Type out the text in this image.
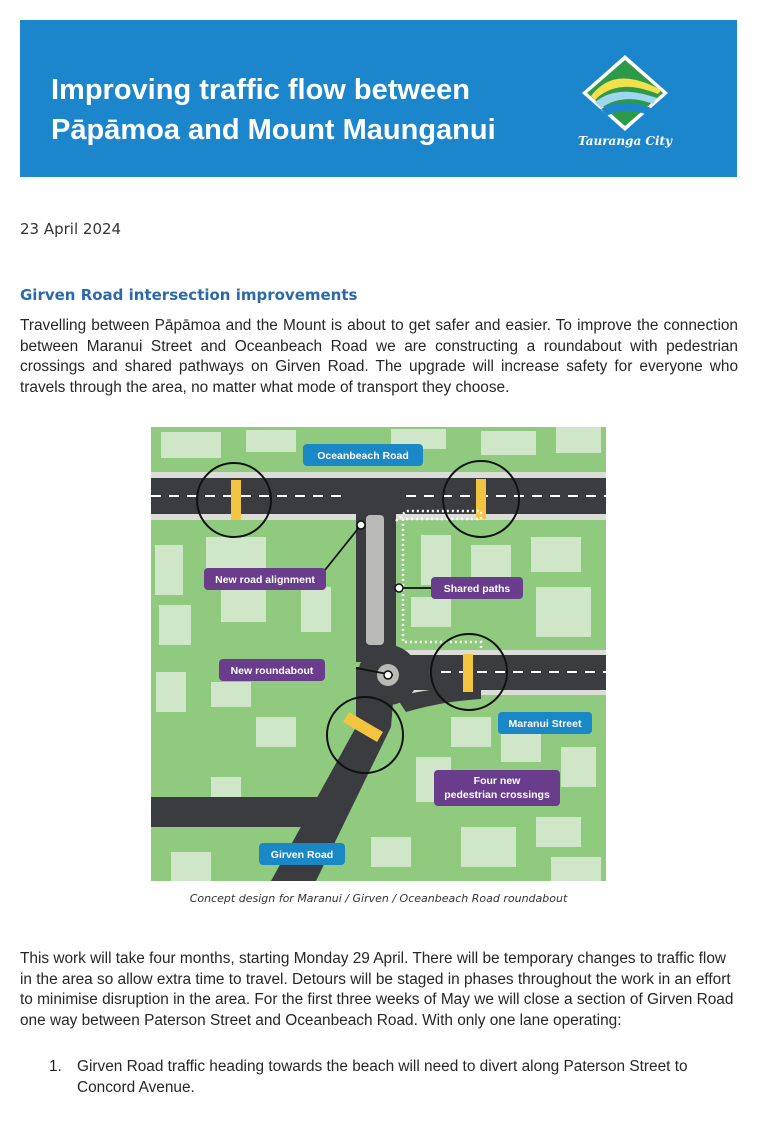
Improving traffic flow between
Pāpāmoa and Mount Maunganui	Tauranga City
23 April 2024
Girven Road intersection improvements

Travelling between Pāpāmoa and the Mount is about to get safer and easier. To improve the connection between Maranui Street and Oceanbeach Road we are constructing a roundabout with pedestrian crossings and shared pathways on Girven Road. The upgrade will increase safety for everyone who travels through the area, no matter what mode of transport they choose.

Oceanbeach Road
New road alignment
Shared paths
New roundabout
Maranui Street
Four new
pedestrian crossings
Girven Road
Concept design for Maranui / Girven / Oceanbeach Road roundabout

This work will take four months, starting Monday 29 April. There will be temporary changes to traffic flow in the area so allow extra time to travel. Detours will be staged in phases throughout the work in an effort to minimise disruption in the area. For the first three weeks of May we will close a section of Girven Road one way between Paterson Street and Oceanbeach Road. With only one lane operating:

1. Girven Road traffic heading towards the beach will need to divert along Paterson Street to Concord Avenue.
